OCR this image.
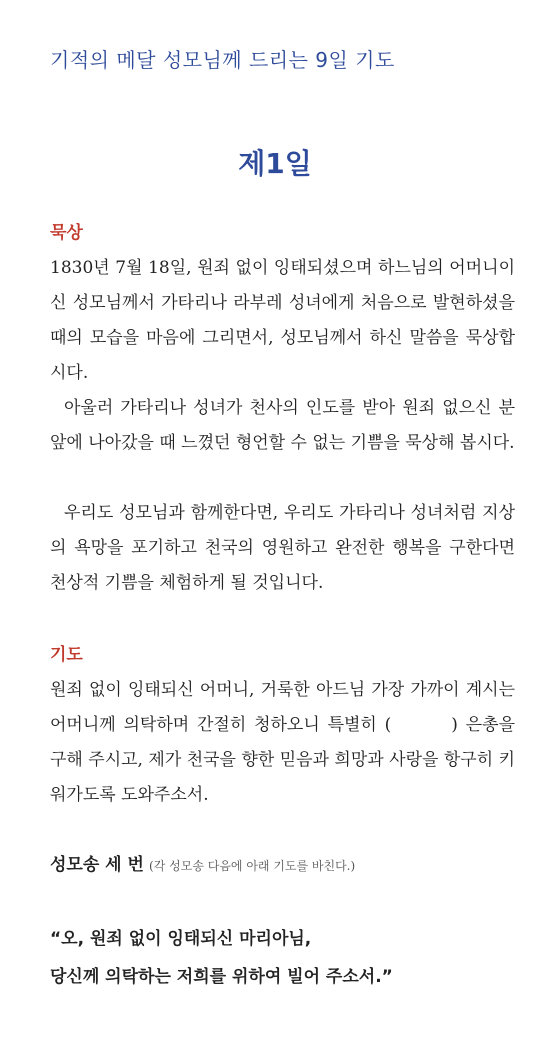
기적의 메달 성모님께 드리는 9일 기도
제1일
묵상

1830년 7월 18일, 원죄 없이 잉태되셨으며 하느님의 어머니이신 성모님께서 가타리나 라부레 성녀에게 처음으로 발현하셨을 때의 모습을 마음에 그리면서, 성모님께서 하신 말씀을 묵상합시다.

아울러 가타리나 성녀가 천사의 인도를 받아 원죄 없으신 분 앞에 나아갔을 때 느꼈던 형언할 수 없는 기쁨을 묵상해 봅시다.

우리도 성모님과 함께한다면, 우리도 가타리나 성녀처럼 지상의 욕망을 포기하고 천국의 영원하고 완전한 행복을 구한다면 천상적 기쁨을 체험하게 될 것입니다.

기도

원죄 없이 잉태되신 어머니, 거룩한 아드님 가장 가까이 계시는 어머니께 의탁하며 간절히 청하오니 특별히 (	) 은총을 구해 주시고, 제가 천국을 향한 믿음과 희망과 사랑을 항구히 키워가도록 도와주소서.

성모송 세 번 (각 성모송 다음에 아래 기도를 바친다.)
“오, 원죄 없이 잉태되신 마리아님,
당신께 의탁하는 저희를 위하여 빌어 주소서.”
